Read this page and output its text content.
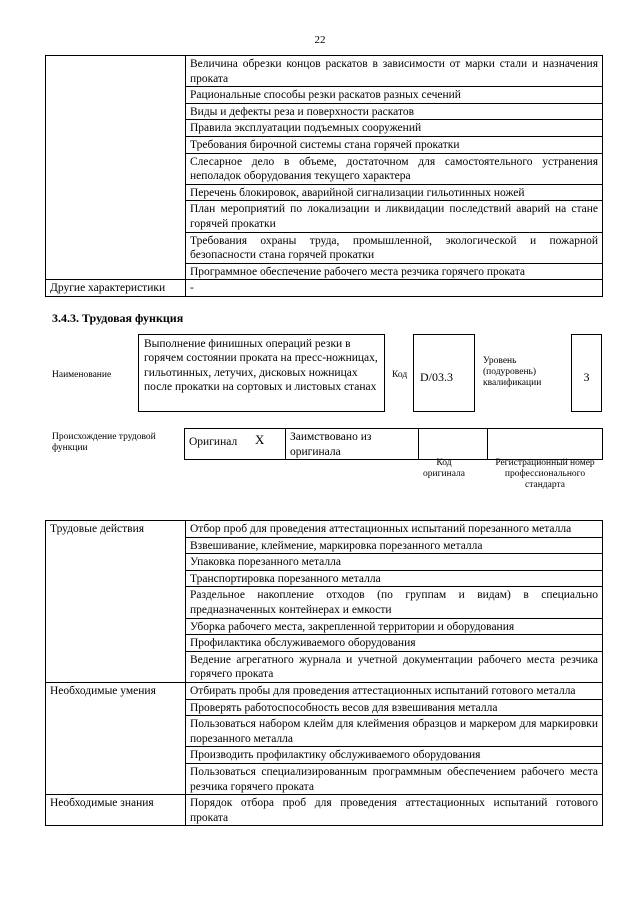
22
	Величина обрезки концов раскатов в зависимости от марки стали и назначения проката
	Рациональные способы резки раскатов разных сечений
	Виды и дефекты реза и поверхности раскатов
	Правила эксплуатации подъемных сооружений
	Требования бирочной системы стана горячей прокатки
	Слесарное дело в объеме, достаточном для самостоятельного устранения неполадок оборудования текущего характера
	Перечень блокировок, аварийной сигнализации гильотинных ножей
	План мероприятий по локализации и ликвидации последствий аварий на стане горячей прокатки
	Требования охраны труда, промышленной, экологической и пожарной безопасности стана горячей прокатки
	Программное обеспечение рабочего места резчика горячего проката
Другие характеристики	-
3.4.3. Трудовая функция
Наименование
Выполнение финишных операций резки в горячем состоянии проката на пресс-ножницах, гильотинных, летучих, дисковых ножницах после прокатки на сортовых и листовых станах
Код	D/03.3
Уровень (подуровень) квалификации	3
Происхождение трудовой функции	Оригинал X	Заимствовано из оригинала		
Код оригинала
Регистрационный номер профессионального стандарта
Трудовые действия	Отбор проб для проведения аттестационных испытаний порезанного металла
	Взвешивание, клеймение, маркировка порезанного металла
	Упаковка порезанного металла
	Транспортировка порезанного металла
	Раздельное накопление отходов (по группам и видам) в специально предназначенных контейнерах и емкости
	Уборка рабочего места, закрепленной территории и оборудования
	Профилактика обслуживаемого оборудования
	Ведение агрегатного журнала и учетной документации рабочего места резчика горячего проката
Необходимые умения	Отбирать пробы для проведения аттестационных испытаний готового металла
	Проверять работоспособность весов для взвешивания металла
	Пользоваться набором клейм для клеймения образцов и маркером для маркировки порезанного металла
	Производить профилактику обслуживаемого оборудования
	Пользоваться специализированным программным обеспечением рабочего места резчика горячего проката
Необходимые знания	Порядок отбора проб для проведения аттестационных испытаний готового проката
